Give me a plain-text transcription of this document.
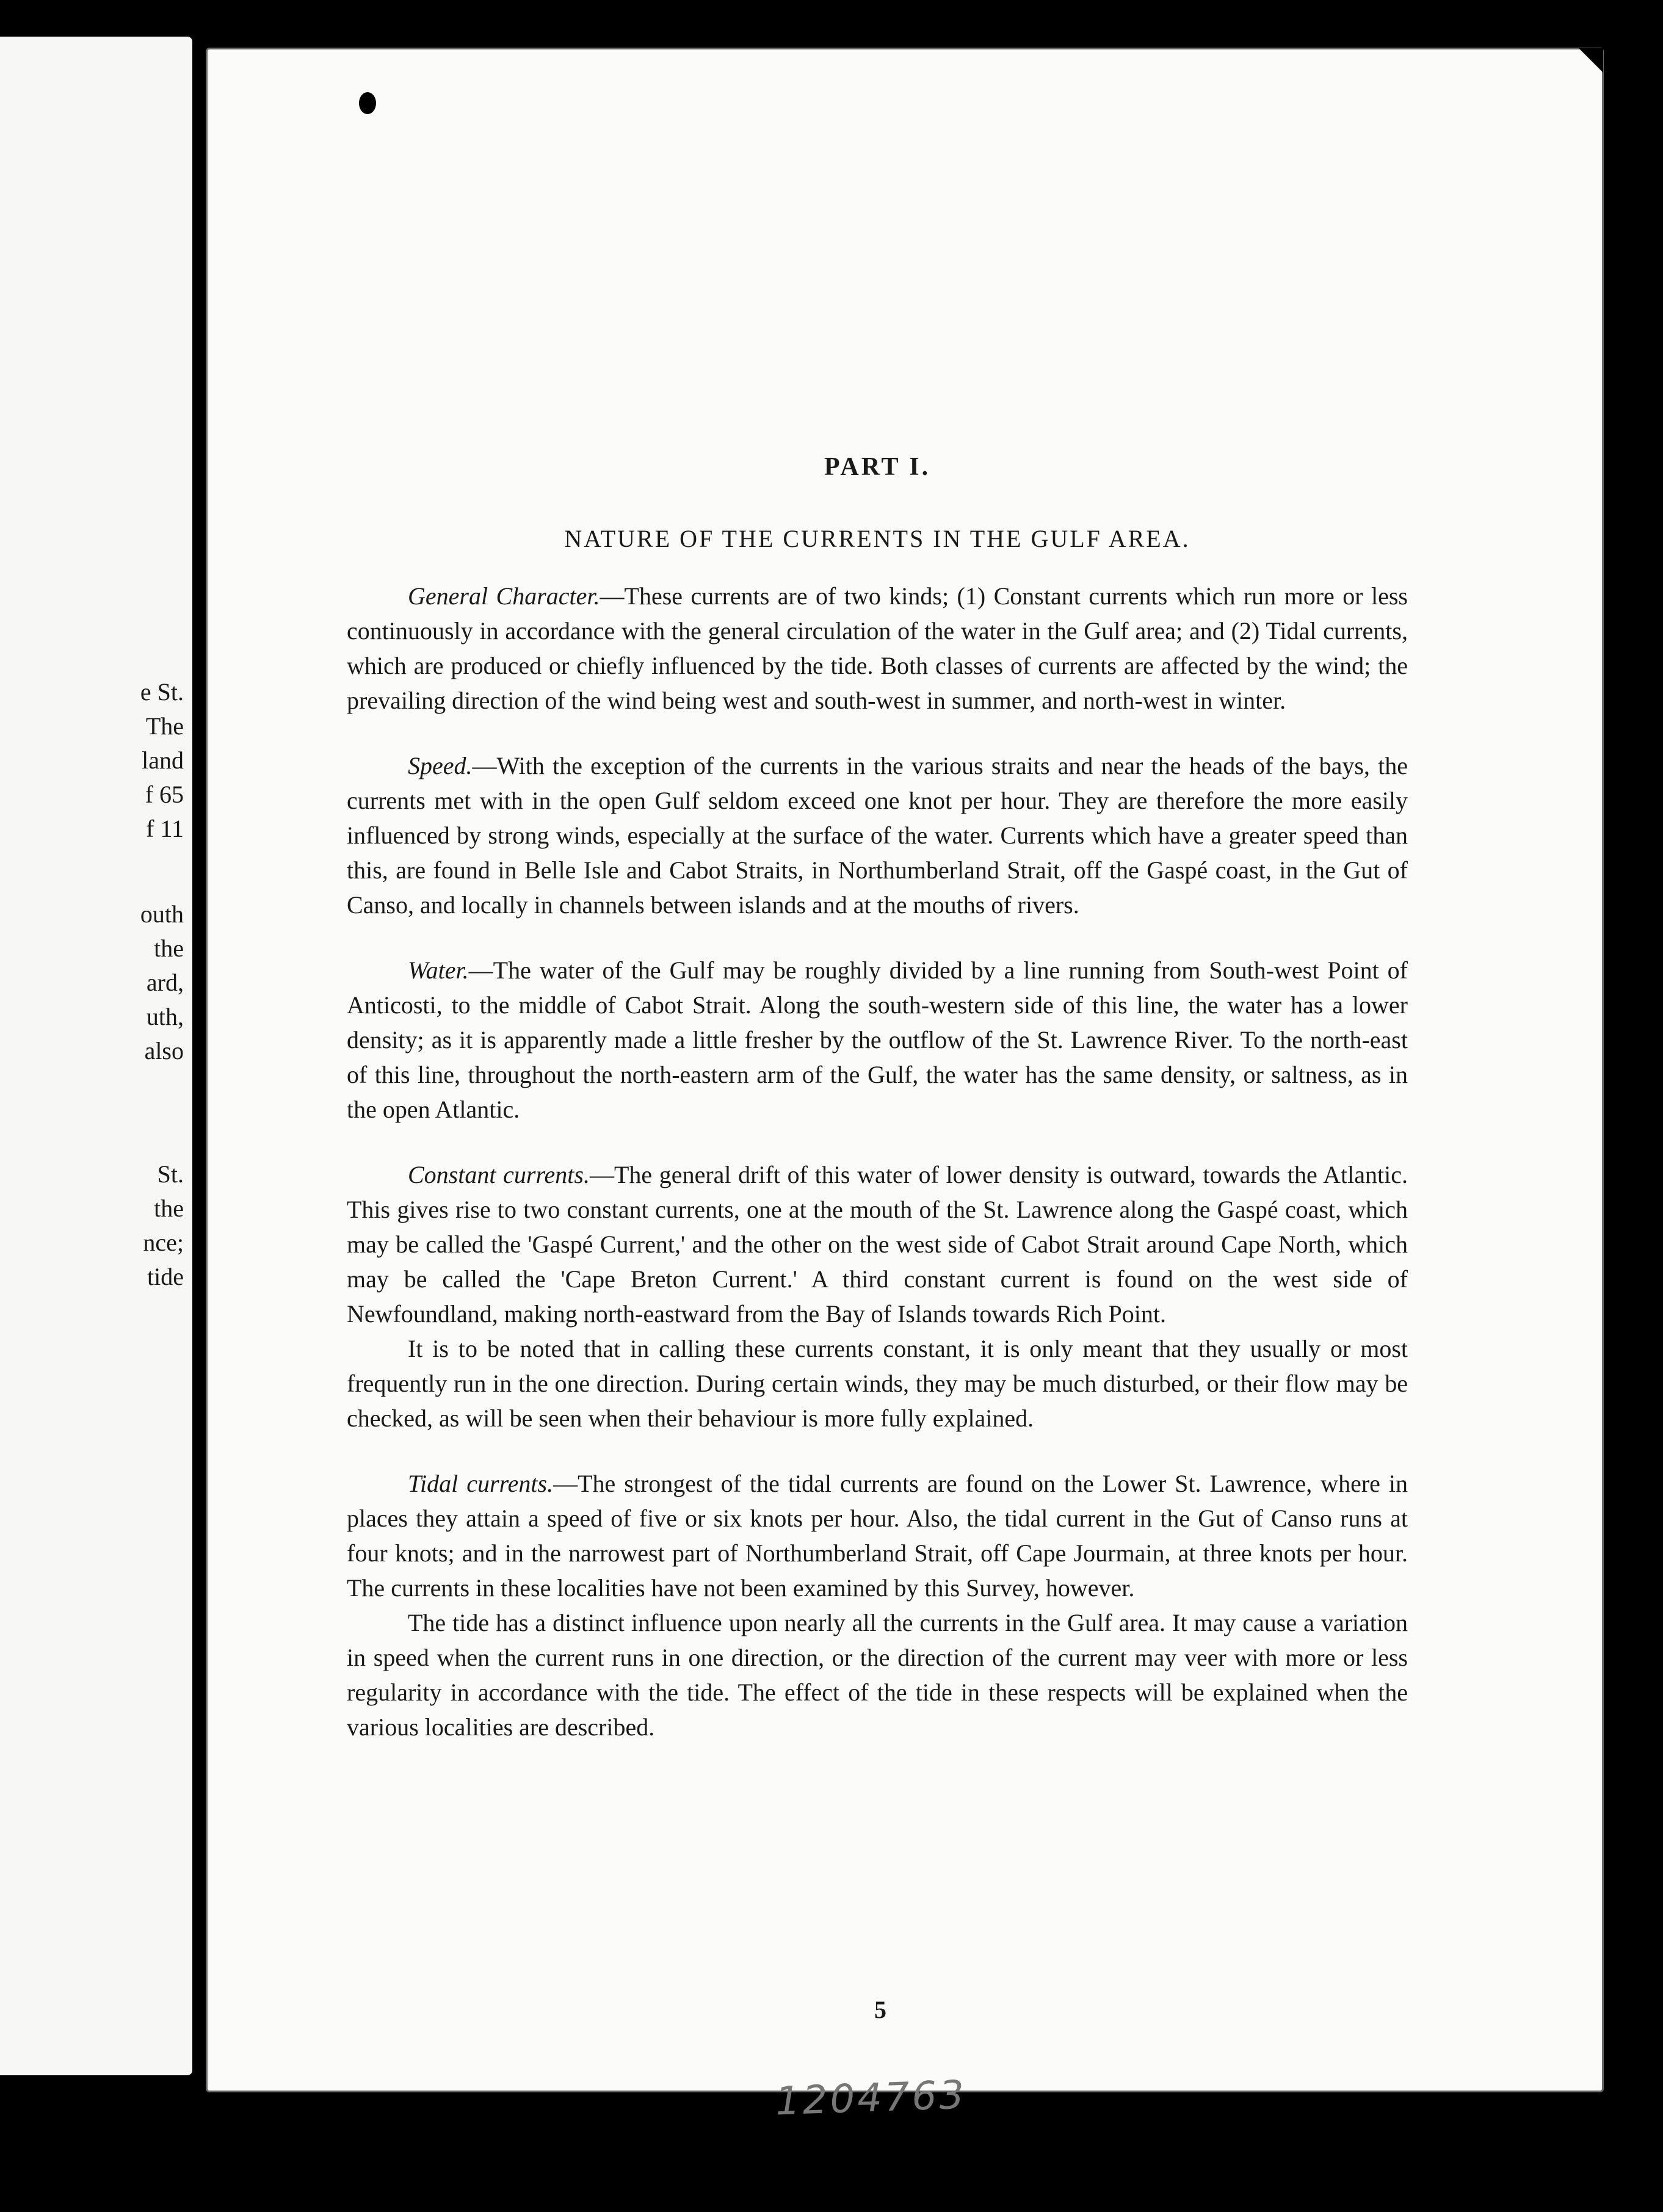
e St.
The
land
f 65
f 11
outh
the
ard,
uth,
also
St.
the
nce;
tide
PART I.
NATURE OF THE CURRENTS IN THE GULF AREA.

General Character.—These currents are of two kinds; (1) Constant currents which run more or less continuously in accordance with the general circulation of the water in the Gulf area; and (2) Tidal currents, which are produced or chiefly influenced by the tide. Both classes of currents are affected by the wind; the prevailing direction of the wind being west and south-west in summer, and north-west in winter.

Speed.—With the exception of the currents in the various straits and near the heads of the bays, the currents met with in the open Gulf seldom exceed one knot per hour. They are therefore the more easily influenced by strong winds, especially at the surface of the water. Currents which have a greater speed than this, are found in Belle Isle and Cabot Straits, in Northumberland Strait, off the Gaspé coast, in the Gut of Canso, and locally in channels between islands and at the mouths of rivers.

Water.—The water of the Gulf may be roughly divided by a line running from South-west Point of Anticosti, to the middle of Cabot Strait. Along the south-western side of this line, the water has a lower density; as it is apparently made a little fresher by the outflow of the St. Lawrence River. To the north-east of this line, throughout the north-eastern arm of the Gulf, the water has the same density, or saltness, as in the open Atlantic.

Constant currents.—The general drift of this water of lower density is outward, towards the Atlantic. This gives rise to two constant currents, one at the mouth of the St. Lawrence along the Gaspé coast, which may be called the 'Gaspé Current,' and the other on the west side of Cabot Strait around Cape North, which may be called the 'Cape Breton Current.' A third constant current is found on the west side of Newfoundland, making north-eastward from the Bay of Islands towards Rich Point.

It is to be noted that in calling these currents constant, it is only meant that they usually or most frequently run in the one direction. During certain winds, they may be much disturbed, or their flow may be checked, as will be seen when their behaviour is more fully explained.

Tidal currents.—The strongest of the tidal currents are found on the Lower St. Lawrence, where in places they attain a speed of five or six knots per hour. Also, the tidal current in the Gut of Canso runs at four knots; and in the narrowest part of Northumberland Strait, off Cape Jourmain, at three knots per hour. The currents in these localities have not been examined by this Survey, however.

The tide has a distinct influence upon nearly all the currents in the Gulf area. It may cause a variation in speed when the current runs in one direction, or the direction of the current may veer with more or less regularity in accordance with the tide. The effect of the tide in these respects will be explained when the various localities are described.

5
1204763
